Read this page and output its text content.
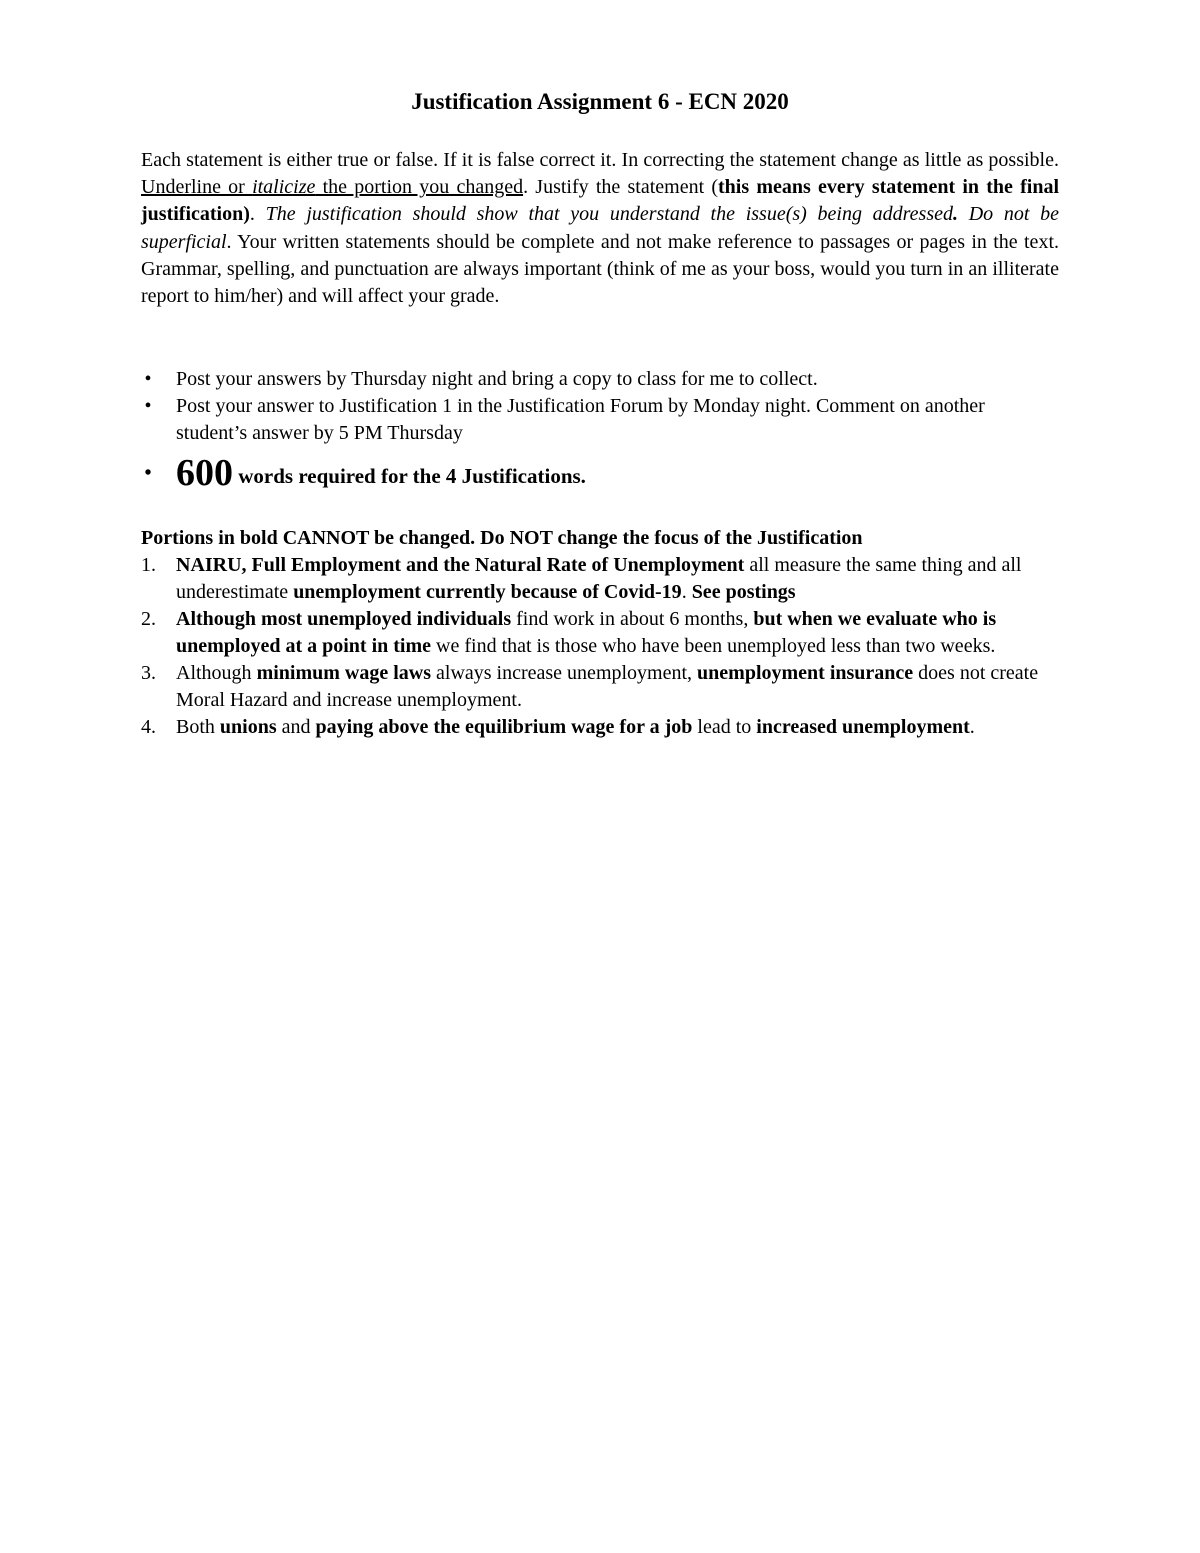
Justification Assignment 6 - ECN 2020

Each statement is either true or false. If it is false correct it. In correcting the statement change as little as possible. Underline or italicize the portion you changed. Justify the statement (this means every statement in the final justification). The justification should show that you understand the issue(s) being addressed. Do not be superficial. Your written statements should be complete and not make reference to passages or pages in the text. Grammar, spelling, and punctuation are always important (think of me as your boss, would you turn in an illiterate report to him/her) and will affect your grade.

• Post your answers by Thursday night and bring a copy to class for me to collect.
• Post your answer to Justification 1 in the Justification Forum by Monday night. Comment on another student’s answer by 5 PM Thursday

• 600 words required for the 4 Justifications.

Portions in bold CANNOT be changed. Do NOT change the focus of the Justification

1. NAIRU, Full Employment and the Natural Rate of Unemployment all measure the same thing and all underestimate unemployment currently because of Covid-19. See postings
2. Although most unemployed individuals find work in about 6 months, but when we evaluate who is unemployed at a point in time we find that is those who have been unemployed less than two weeks.
3. Although minimum wage laws always increase unemployment, unemployment insurance does not create Moral Hazard and increase unemployment.
4. Both unions and paying above the equilibrium wage for a job lead to increased unemployment.
